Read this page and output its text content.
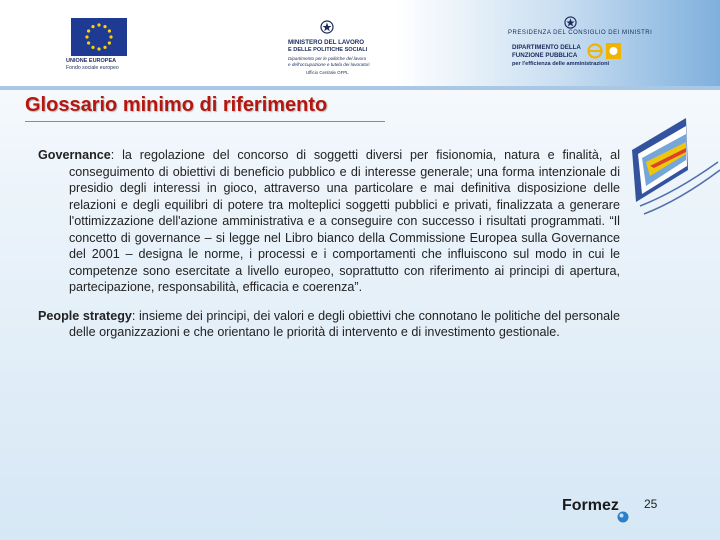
UNIONE EUROPEA
Fondo sociale europeo
MINISTERO DEL LAVORO
E DELLE POLITICHE SOCIALI
Dipartimento per le politiche del lavoro
e dell'occupazione e tutela dei lavoratori
Ufficio Centrale OFPL
PRESIDENZA DEL CONSIGLIO DEI MINISTRI
DIPARTIMENTO DELLA
FUNZIONE PUBBLICA
per l'efficienza delle amministrazioni
Glossario minimo di riferimento

Governance: la regolazione del concorso di soggetti diversi per fisionomia, natura e finalità, al conseguimento di obiettivi di beneficio pubblico e di interesse generale; una forma intenzionale di presidio degli interessi in gioco, attraverso una particolare e mai definitiva disposizione delle relazioni e degli equilibri di potere tra molteplici soggetti pubblici e privati, finalizzata a generare l'ottimizzazione dell'azione amministrativa e a conseguire con successo i risultati programmati. “Il concetto di governance – si legge nel Libro bianco della Commissione Europea sulla Governance del 2001 – designa le norme, i processi e i comportamenti che influiscono sul modo in cui le competenze sono esercitate a livello europeo, soprattutto con riferimento ai principi di apertura, partecipazione, responsabilità, efficacia e coerenza”.

People strategy: insieme dei principi, dei valori e degli obiettivi che connotano le politiche del personale delle organizzazioni e che orientano le priorità di intervento e di investimento gestionale.

Formez 25
